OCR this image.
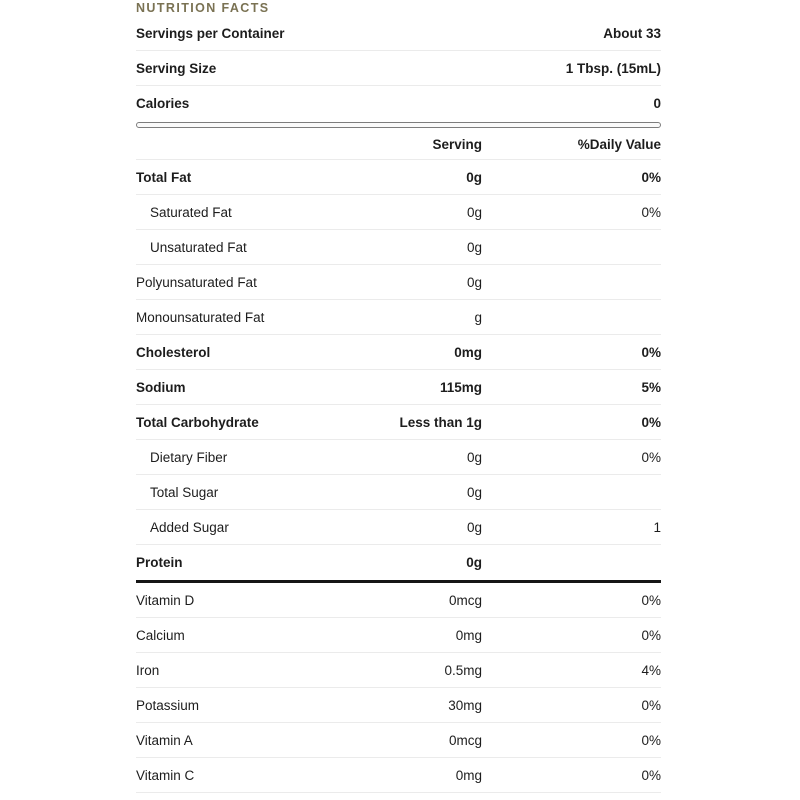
NUTRITION FACTS
Servings per Container	About 33
Serving Size	1 Tbsp. (15mL)
Calories	0
Serving	%Daily Value
Total Fat	0g	0%
Saturated Fat	0g	0%
Unsaturated Fat	0g
Polyunsaturated Fat	0g
Monounsaturated Fat	g
Cholesterol	0mg	0%
Sodium	115mg	5%
Total Carbohydrate	Less than 1g	0%
Dietary Fiber	0g	0%
Total Sugar	0g
Added Sugar	0g	1
Protein	0g
Vitamin D	0mcg	0%
Calcium	0mg	0%
Iron	0.5mg	4%
Potassium	30mg	0%
Vitamin A	0mcg	0%
Vitamin C	0mg	0%
